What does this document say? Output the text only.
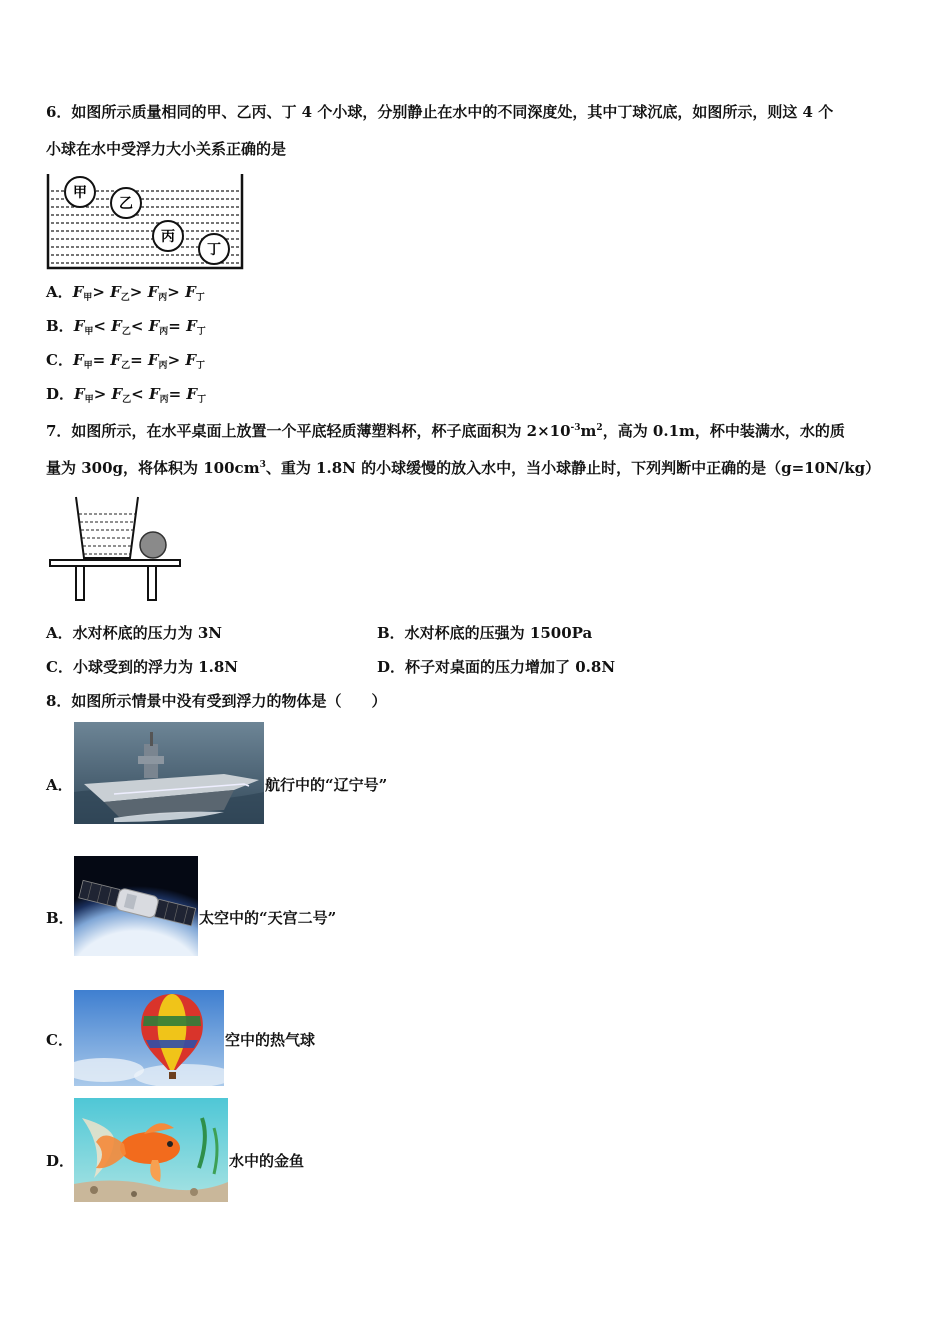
6．如图所示质量相同的甲、乙丙、丁 4 个小球，分别静止在水中的不同深度处，其中丁球沉底，如图所示，则这 4 个
小球在水中受浮力大小关系正确的是
甲
乙
丙
丁
A．$F_甲> F_乙> F_丙> F_丁$
B．$F_甲< F_乙< F_丙= F_丁$
C．$F_甲= F_乙= F_丙> F_丁$
D．$F_甲> F_乙< F_丙= F_丁$
7．如图所示，在水平桌面上放置一个平底轻质薄塑料杯，杯子底面积为 $2\times 10^{-3}m^2$，高为 0.1m，杯中装满水，水的质
量为 300g，将体积为 $100cm^3$、重为 1.8N 的小球缓慢的放入水中，当小球静止时，下列判断中正确的是（g=10N/kg）
A．水对杯底的压力为 3N	B．水对杯底的压强为 1500Pa
C．小球受到的浮力为 1.8N	D．杯子对桌面的压力增加了 0.8N
8．如图所示情景中没有受到浮力的物体是（　　）
A．	航行中的“辽宁号”
B．	太空中的“天宫二号”
C．	空中的热气球
D．	水中的金鱼
